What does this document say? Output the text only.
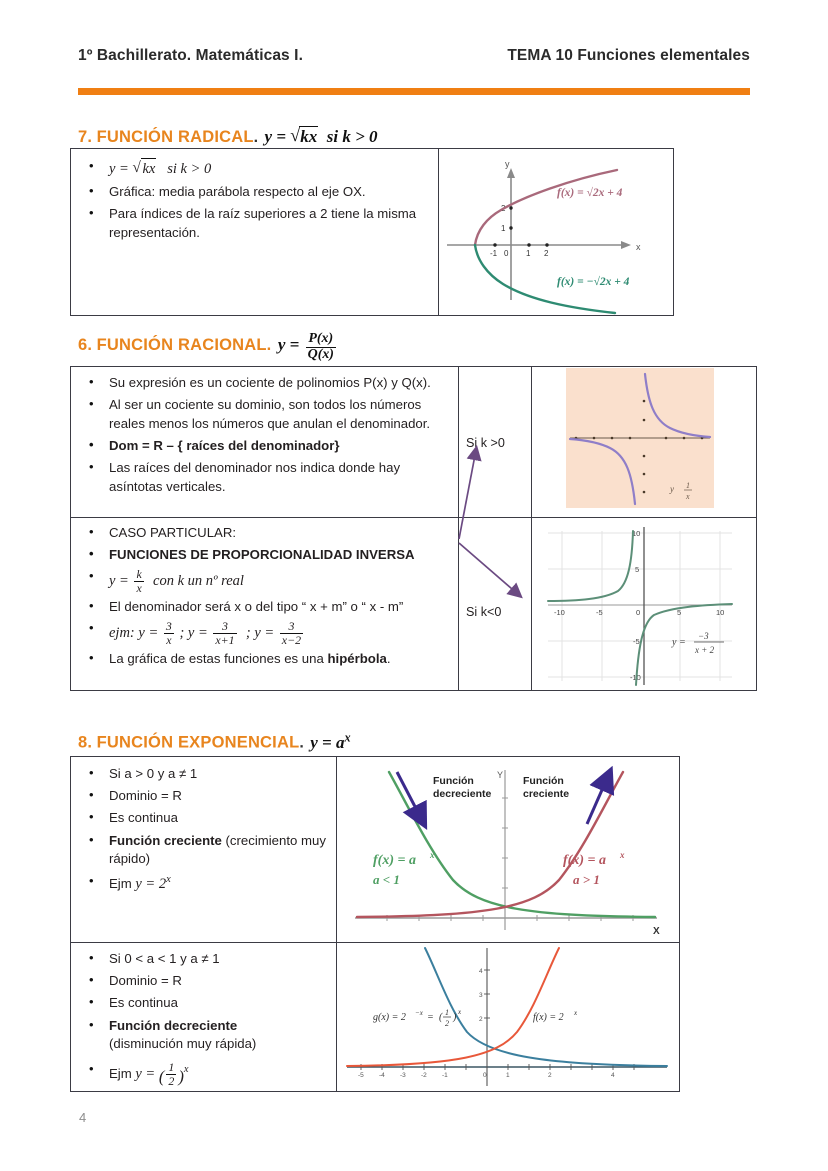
1º Bachillerato. Matemáticas I.	TEMA 10 Funciones elementales
7. FUNCIÓN RADICAL. y = √ kx si k > 0
• y = √ kx   si k > 0
• Gráfica: media parábola respecto al eje OX.
• Para índices de la raíz superiores a 2 tiene la misma representación.
x
y
-1 0 1 2
1
2
f(x) = √2x + 4
f(x) = −√2x + 4
6. FUNCIÓN RACIONAL. $y = \frac{P(x)}{Q(x)}$
• Su expresión es un cociente de polinomios P(x) y Q(x).
• Al ser un cociente su dominio, son todos los números reales menos los números que anulan el denominador.
• Dom = R – { raíces del denominador}
• Las raíces del denominador nos indica donde hay asíntotas verticales.
• CASO PARTICULAR:
• FUNCIONES DE PROPORCIONALIDAD INVERSA
• $y = \frac{k}{x}$ con k un nº real
• El denominador será x o del tipo “ x + m” o “ x - m”
• ejm: $y = \frac{3}{x}$ ; $y = \frac{3}{x+1}$ ; $y = \frac{3}{x-2}$
• La gráfica de estas funciones es una hipérbola.
Si k >0
Si k<0
y 1
x
-10	-5	0	5	10
10
5
-5
-10
y =
−3
x + 2
8. FUNCIÓN EXPONENCIAL. $y = a^x$
• Si a > 0 y a ≠ 1
• Dominio = R
• Es continua
• Función creciente (crecimiento muy rápido)
• Ejm $y = 2^x$
• Si 0 < a < 1 y a ≠ 1
• Dominio = R
• Es continua
• Función decreciente
(disminución muy rápida)
• Ejm y = ( $\frac{1}{2} )^x$
Y
X
Función
decreciente
Función
creciente
f(x) = a x
a < 1
f(x) = a x
a > 1
-5 -4 -3 -2 -1	0	1	2	4
4
3
2
g(x) = 2 −x = ( 1
2
) x	f(x) = 2 x
4
